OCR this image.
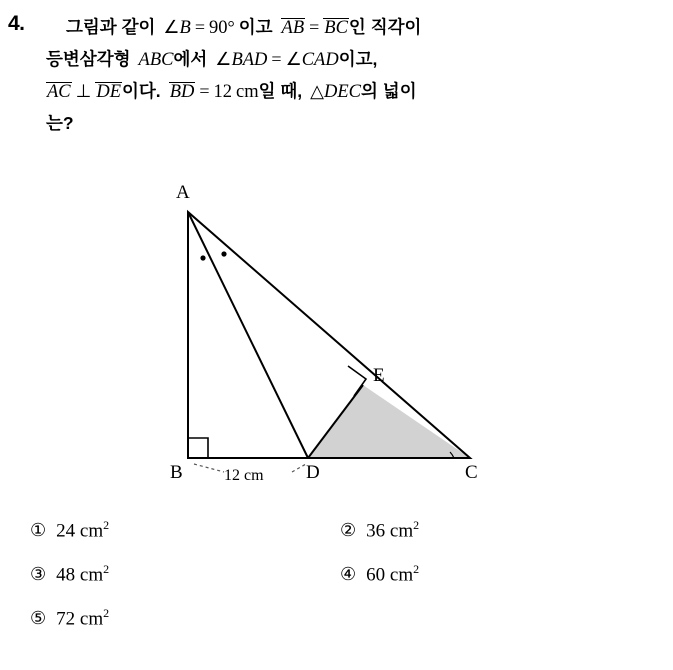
4.	그림과 같이 ∠B = 90° 이고 AB = BC인 직각이
등변삼각형 ABC에서 ∠BAD = ∠CAD이고,
AC ⊥ DE이다. BD = 12 cm일 때, △DEC의 넓이
는?
A
B	D	C
E
12 cm
① 24 $cm^2$	② 36 $cm^2$
③ 48 $cm^2$	④ 60 $cm^2$
⑤ 72 $cm^2$
